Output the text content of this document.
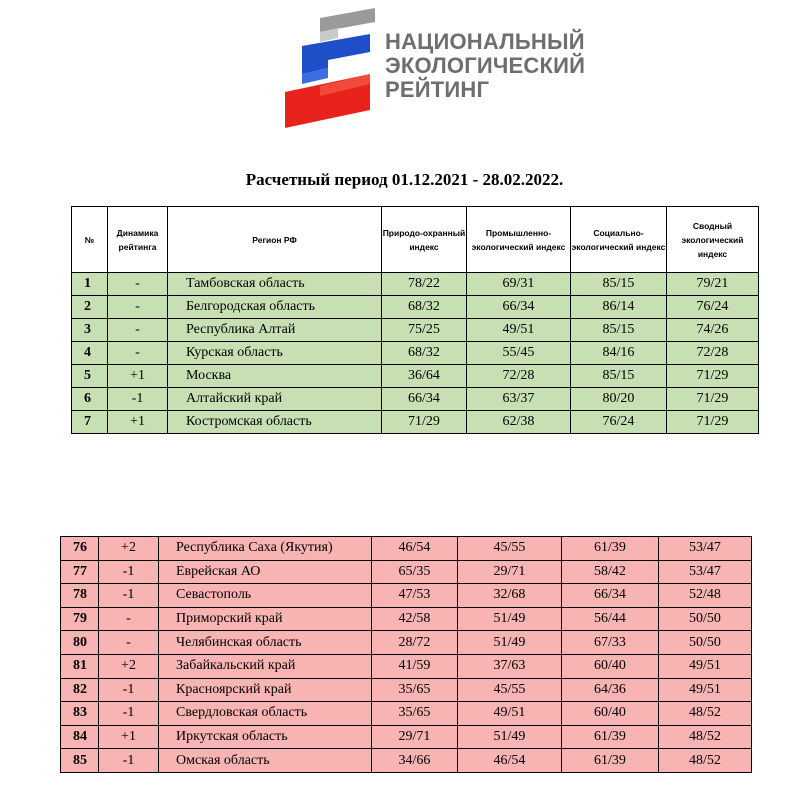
НАЦИОНАЛЬНЫЙ
ЭКОЛОГИЧЕСКИЙ
РЕЙТИНГ
Расчетный период 01.12.2021 - 28.02.2022.
№	Динамика рейтинга	Регион РФ	Природо-охранный индекс	Промышленно-экологический индекс	Социально-экологический индекс	Сводный экологический индекс
1	-	Тамбовская область	78/22	69/31	85/15	79/21
2	-	Белгородская область	68/32	66/34	86/14	76/24
3	-	Республика Алтай	75/25	49/51	85/15	74/26
4	-	Курская область	68/32	55/45	84/16	72/28
5	+1	Москва	36/64	72/28	85/15	71/29
6	-1	Алтайский край	66/34	63/37	80/20	71/29
7	+1	Костромская область	71/29	62/38	76/24	71/29
76	+2	Республика Саха (Якутия)	46/54	45/55	61/39	53/47
77	-1	Еврейская АО	65/35	29/71	58/42	53/47
78	-1	Севастополь	47/53	32/68	66/34	52/48
79	-	Приморский край	42/58	51/49	56/44	50/50
80	-	Челябинская область	28/72	51/49	67/33	50/50
81	+2	Забайкальский край	41/59	37/63	60/40	49/51
82	-1	Красноярский край	35/65	45/55	64/36	49/51
83	-1	Свердловская область	35/65	49/51	60/40	48/52
84	+1	Иркутская область	29/71	51/49	61/39	48/52
85	-1	Омская область	34/66	46/54	61/39	48/52
